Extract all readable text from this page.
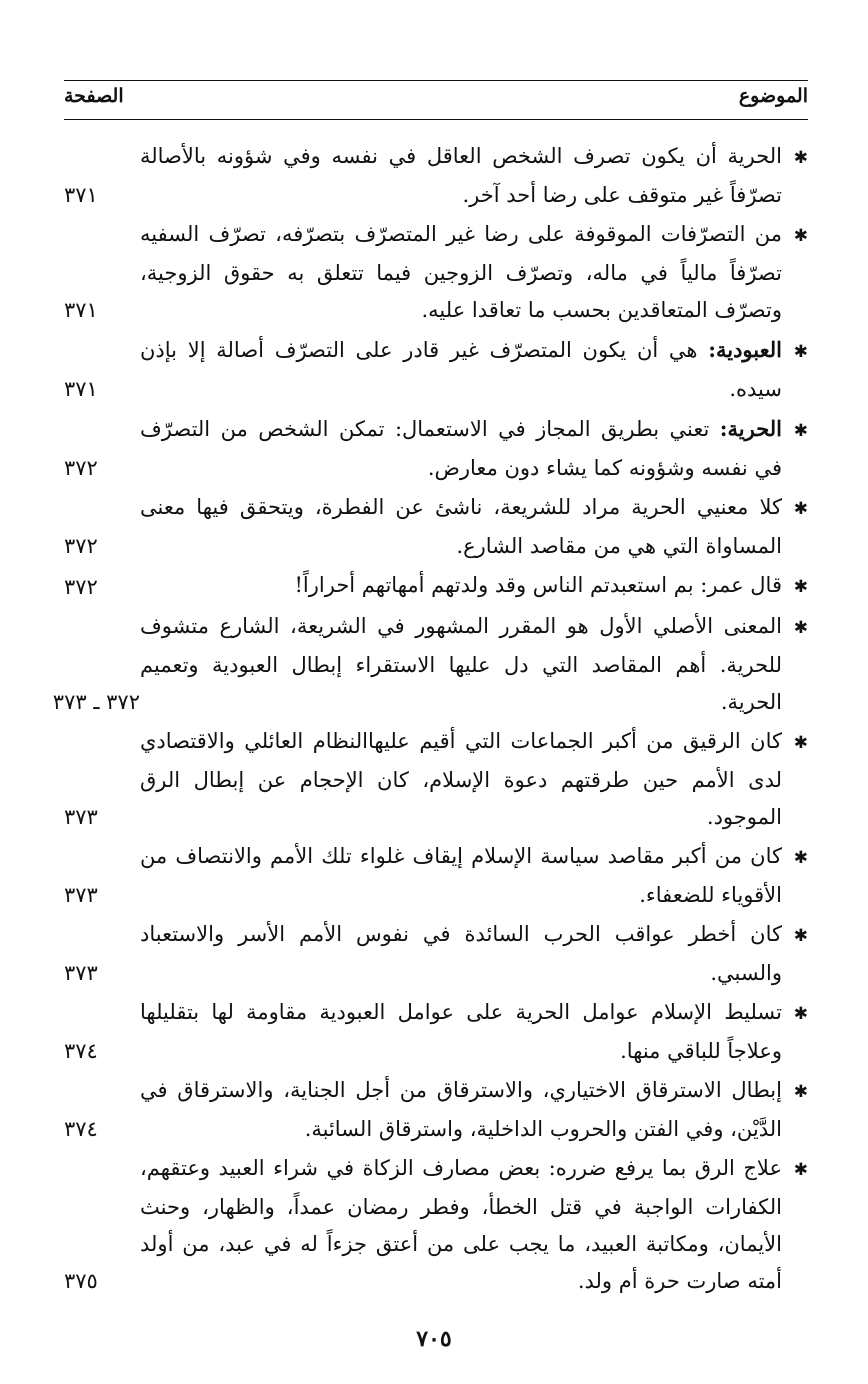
الموضوع
الصفحة
✱الحرية أن يكون تصرف الشخص العاقل في نفسه وفي شؤونه بالأصالة تصرّفاً غير متوقف على رضا أحد آخر.
٣٧١
✱من التصرّفات الموقوفة على رضا غير المتصرّف بتصرّفه، تصرّف السفيه تصرّفاً مالياً في ماله، وتصرّف الزوجين فيما تتعلق به حقوق الزوجية، وتصرّف المتعاقدين بحسب ما تعاقدا عليه.
٣٧١
✱العبودية: هي أن يكون المتصرّف غير قادر على التصرّف أصالة إلا بإذن سيده.
٣٧١
✱الحرية: تعني بطريق المجاز في الاستعمال: تمكن الشخص من التصرّف في نفسه وشؤونه كما يشاء دون معارض.
٣٧٢
✱كلا معنيي الحرية مراد للشريعة، ناشئ عن الفطرة، ويتحقق فيها معنى المساواة التي هي من مقاصد الشارع.
٣٧٢
✱قال عمر: بم استعبدتم الناس وقد ولدتهم أمهاتهم أحراراً!
٣٧٢
✱المعنى الأصلي الأول هو المقرر المشهور في الشريعة، الشارع متشوف للحرية. أهم المقاصد التي دل عليها الاستقراء إبطال العبودية وتعميم الحرية.
٣٧٢ ـ ٣٧٣
✱كان الرقيق من أكبر الجماعات التي أقيم عليهاالنظام العائلي والاقتصادي لدى الأمم حين طرقتهم دعوة الإسلام، كان الإحجام عن إبطال الرق الموجود.
٣٧٣
✱كان من أكبر مقاصد سياسة الإسلام إيقاف غلواء تلك الأمم والانتصاف من الأقوياء للضعفاء.
٣٧٣
✱كان أخطر عواقب الحرب السائدة في نفوس الأمم الأسر والاستعباد والسبي.
٣٧٣
✱تسليط الإسلام عوامل الحرية على عوامل العبودية مقاومة لها بتقليلها وعلاجاً للباقي منها.
٣٧٤
✱إبطال الاسترقاق الاختياري، والاسترقاق من أجل الجناية، والاسترقاق في الدَّيْن، وفي الفتن والحروب الداخلية، واسترقاق السائبة.
٣٧٤
✱علاج الرق بما يرفع ضرره: بعض مصارف الزكاة في شراء العبيد وعتقهم، الكفارات الواجبة في قتل الخطأ، وفطر رمضان عمداً، والظهار، وحنث الأيمان، ومكاتبة العبيد، ما يجب على من أعتق جزءاً له في عبد، من أولد أمته صارت حرة أم ولد.
٣٧٥
٧٠٥
